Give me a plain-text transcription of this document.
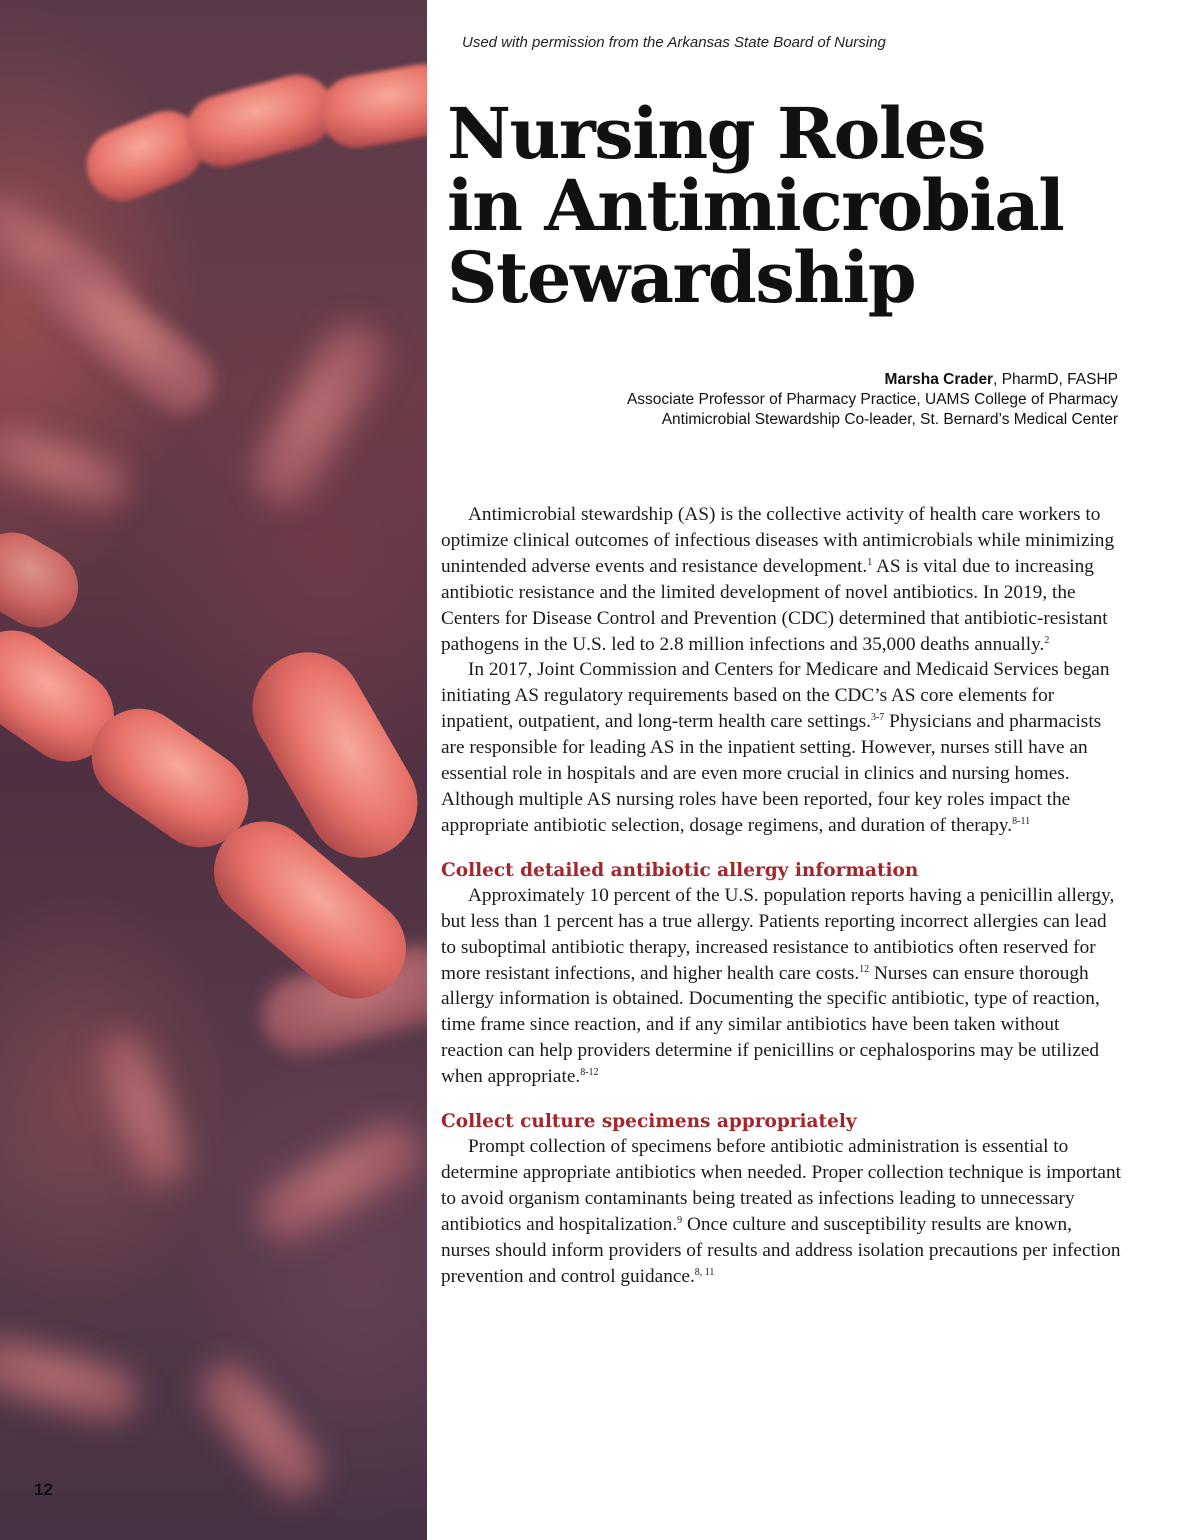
12
Used with permission from the Arkansas State Board of Nursing
Nursing Roles
in Antimicrobial
Stewardship
Marsha Crader, PharmD, FASHP
Associate Professor of Pharmacy Practice, UAMS College of Pharmacy
Antimicrobial Stewardship Co-leader, St. Bernard’s Medical Center

Antimicrobial stewardship (AS) is the collective activity of health care workers to optimize clinical outcomes of infectious diseases with antimicrobials while minimizing unintended adverse events and resistance development.$^1$ AS is vital due to increasing antibiotic resistance and the limited development of novel antibiotics. In 2019, the Centers for Disease Control and Prevention (CDC) determined that antibiotic-resistant pathogens in the U.S. led to 2.8 million infections and 35,000 deaths annually.$^2$

In 2017, Joint Commission and Centers for Medicare and Medicaid Services began initiating AS regulatory requirements based on the CDC’s AS core elements for inpatient, outpatient, and long-term health care settings.$^{3-7}$ Physicians and pharmacists are responsible for leading AS in the inpatient setting. However, nurses still have an essential role in hospitals and are even more crucial in clinics and nursing homes. Although multiple AS nursing roles have been reported, four key roles impact the appropriate antibiotic selection, dosage regimens, and duration of therapy.$^{8-11}$

Collect detailed antibiotic allergy information

Approximately 10 percent of the U.S. population reports having a penicillin allergy, but less than 1 percent has a true allergy. Patients reporting incorrect allergies can lead to suboptimal antibiotic therapy, increased resistance to antibiotics often reserved for more resistant infections, and higher health care costs.$^{12}$ Nurses can ensure thorough allergy information is obtained. Documenting the specific antibiotic, type of reaction, time frame since reaction, and if any similar antibiotics have been taken without reaction can help providers determine if penicillins or cephalosporins may be utilized when appropriate.$^{8-12}$

Collect culture specimens appropriately

Prompt collection of specimens before antibiotic administration is essential to determine appropriate antibiotics when needed. Proper collection technique is important to avoid organism contaminants being treated as infections leading to unnecessary antibiotics and hospitalization.$^9$ Once culture and susceptibility results are known, nurses should inform providers of results and address isolation precautions per infection prevention and control guidance.$^{8, 11}$
